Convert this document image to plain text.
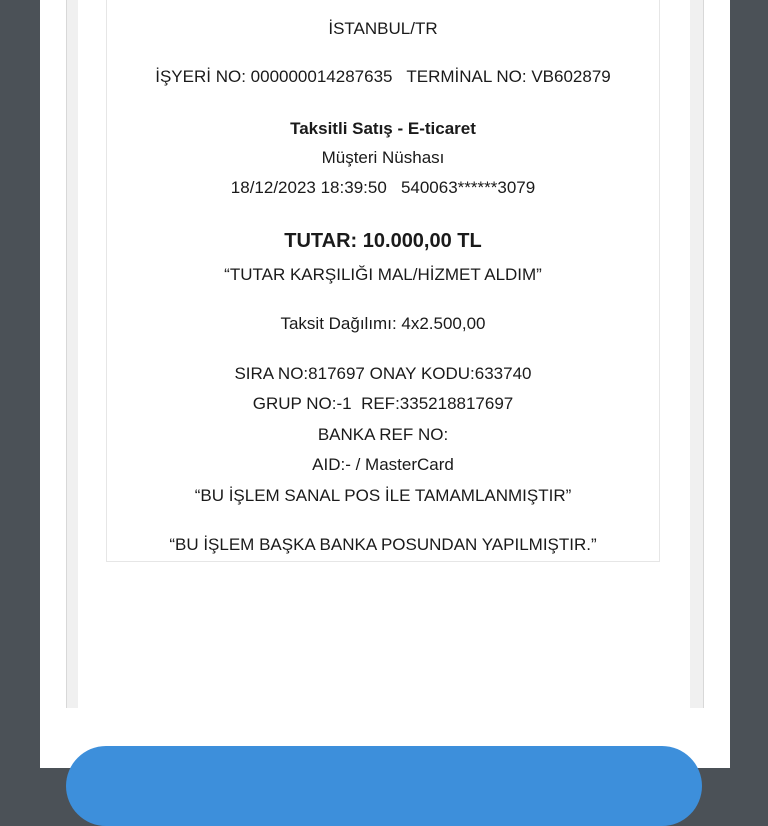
İSTANBUL/TR
İŞYERİ NO: 000000014287635   TERMİNAL NO: VB602879
Taksitli Satış - E-ticaret
Müşteri Nüshası
18/12/2023 18:39:50   540063******3079
TUTAR: 10.000,00 TL
“TUTAR KARŞILIĞI MAL/HİZMET ALDIM”
Taksit Dağılımı: 4x2.500,00
SIRA NO:817697 ONAY KODU:633740
GRUP NO:-1  REF:335218817697
BANKA REF NO:
AID:- / MasterCard
“BU İŞLEM SANAL POS İLE TAMAMLANMIŞTIR”
“BU İŞLEM BAŞKA BANKA POSUNDAN YAPILMIŞTIR.”
